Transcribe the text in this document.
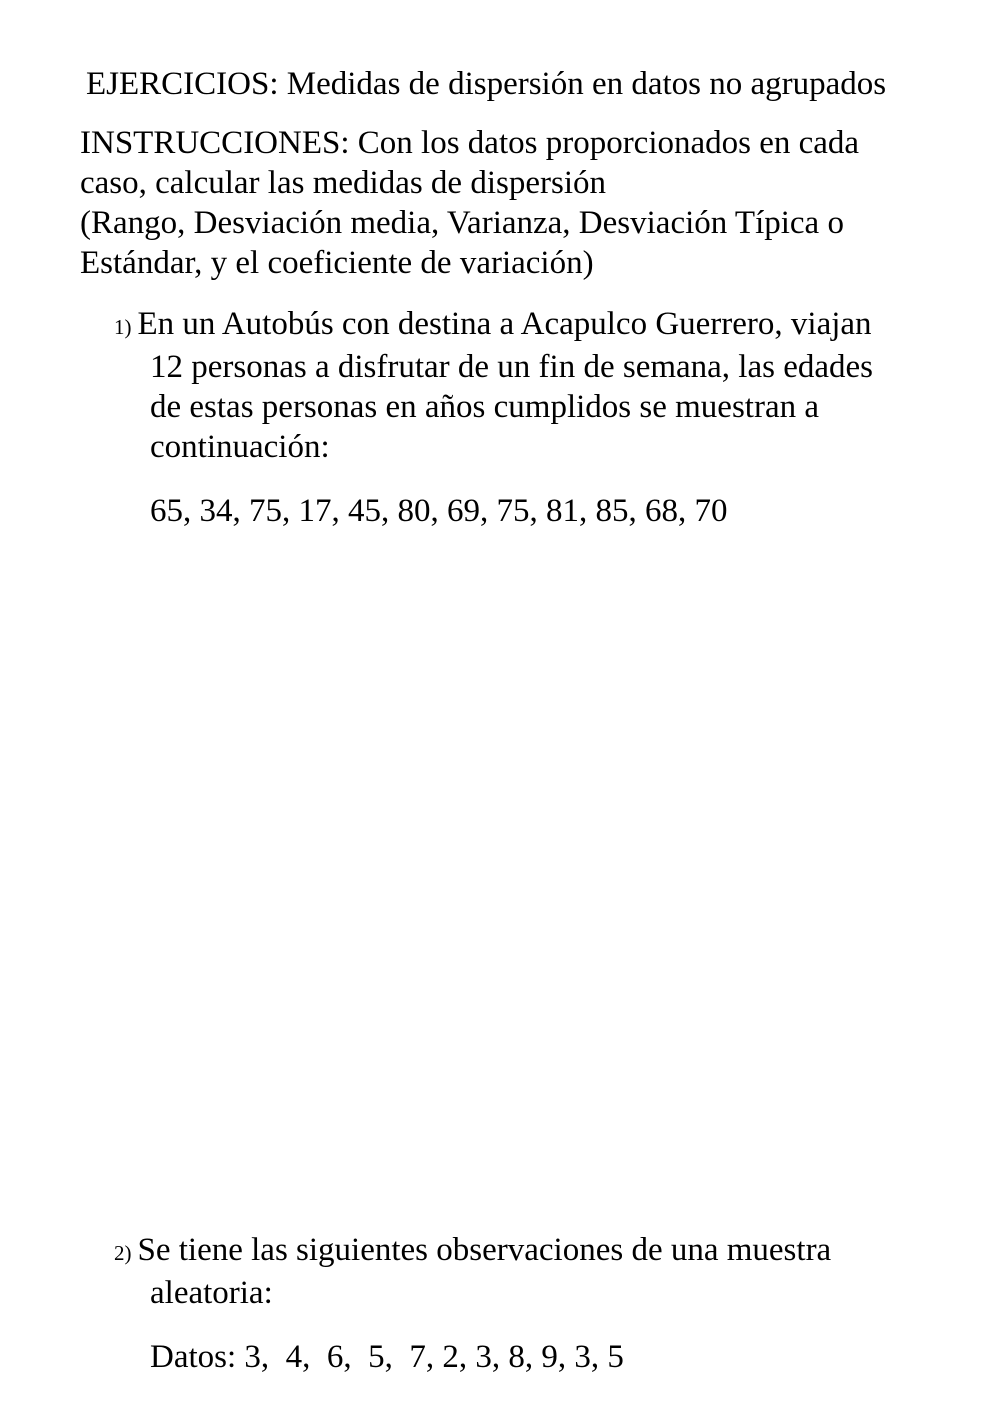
EJERCICIOS: Medidas de dispersión en datos no agrupados
INSTRUCCIONES: Con los datos proporcionados en cada
caso, calcular las medidas de dispersión
(Rango, Desviación media, Varianza, Desviación Típica o
Estándar, y el coeficiente de variación)
1) En un Autobús con destina a Acapulco Guerrero, viajan
12 personas a disfrutar de un fin de semana, las edades
de estas personas en años cumplidos se muestran a
continuación:
65, 34, 75, 17, 45, 80, 69, 75, 81, 85, 68, 70
2) Se tiene las siguientes observaciones de una muestra
aleatoria:
Datos: 3,  4,  6,  5,  7, 2, 3, 8, 9, 3, 5
